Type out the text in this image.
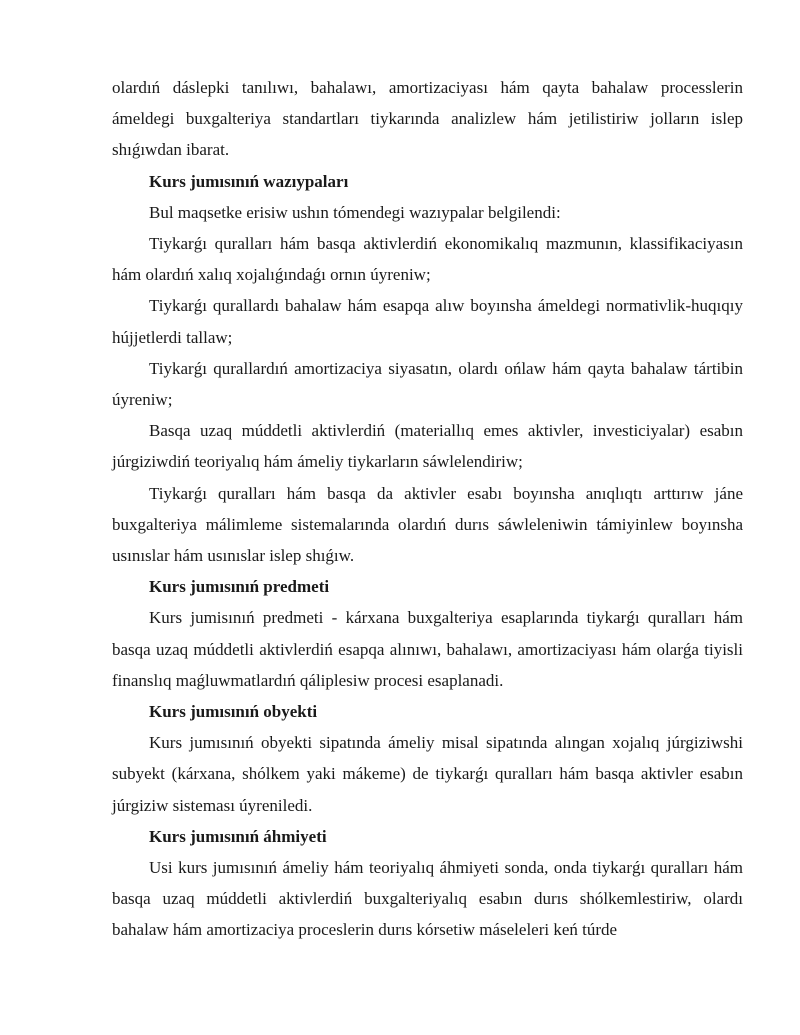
olardıń dáslepki tanılıwı, bahalawı, amortizaciyası hám qayta bahalaw processlerin ámeldegi buxgalteriya standartları tiykarında analizlew hám jetilistiriw jolların islep shıǵıwdan ibarat.

Kurs jumısınıń wazıypaları

Bul maqsetke erisiw ushın tómendegi wazıypalar belgilendi:

Tiykarǵı quralları hám basqa aktivlerdiń ekonomikalıq mazmunın, klassifikaciyasın hám olardıń xalıq xojalıǵındaǵı ornın úyreniw;

Tiykarǵı qurallardı bahalaw hám esapqa alıw boyınsha ámeldegi normativlik-huqıqıy hújjetlerdi tallaw;

Tiykarǵı qurallardıń amortizaciya siyasatın, olardı ońlaw hám qayta bahalaw tártibin úyreniw;

Basqa uzaq múddetli aktivlerdiń (materiallıq emes aktivler, investiciyalar) esabın júrgiziwdiń teoriyalıq hám ámeliy tiykarların sáwlelendiriw;

Tiykarǵı quralları hám basqa da aktivler esabı boyınsha anıqlıqtı arttırıw jáne buxgalteriya málimleme sistemalarında olardıń durıs sáwleleniwin támiyinlew boyınsha usınıslar hám usınıslar islep shıǵıw.

Kurs jumısınıń predmeti

Kurs jumisınıń predmeti - kárxana buxgalteriya esaplarında tiykarǵı quralları hám basqa uzaq múddetli aktivlerdiń esapqa alınıwı, bahalawı, amortizaciyası hám olarǵa tiyisli finanslıq maǵluwmatlardıń qáliplesiw procesi esaplanadi.

Kurs jumısınıń obyekti

Kurs jumısınıń obyekti sipatında ámeliy misal sipatında alıngan xojalıq júrgiziwshi subyekt (kárxana, shólkem yaki mákeme) de tiykarǵı quralları hám basqa aktivler esabın júrgiziw sisteması úyreniledi.

Kurs jumısınıń áhmiyeti

Usi kurs jumısınıń ámeliy hám teoriyalıq áhmiyeti sonda, onda tiykarǵı quralları hám basqa uzaq múddetli aktivlerdiń buxgalteriyalıq esabın durıs shólkemlestiriw, olardı bahalaw hám amortizaciya proceslerin durıs kórsetiw máseleleri keń túrde
